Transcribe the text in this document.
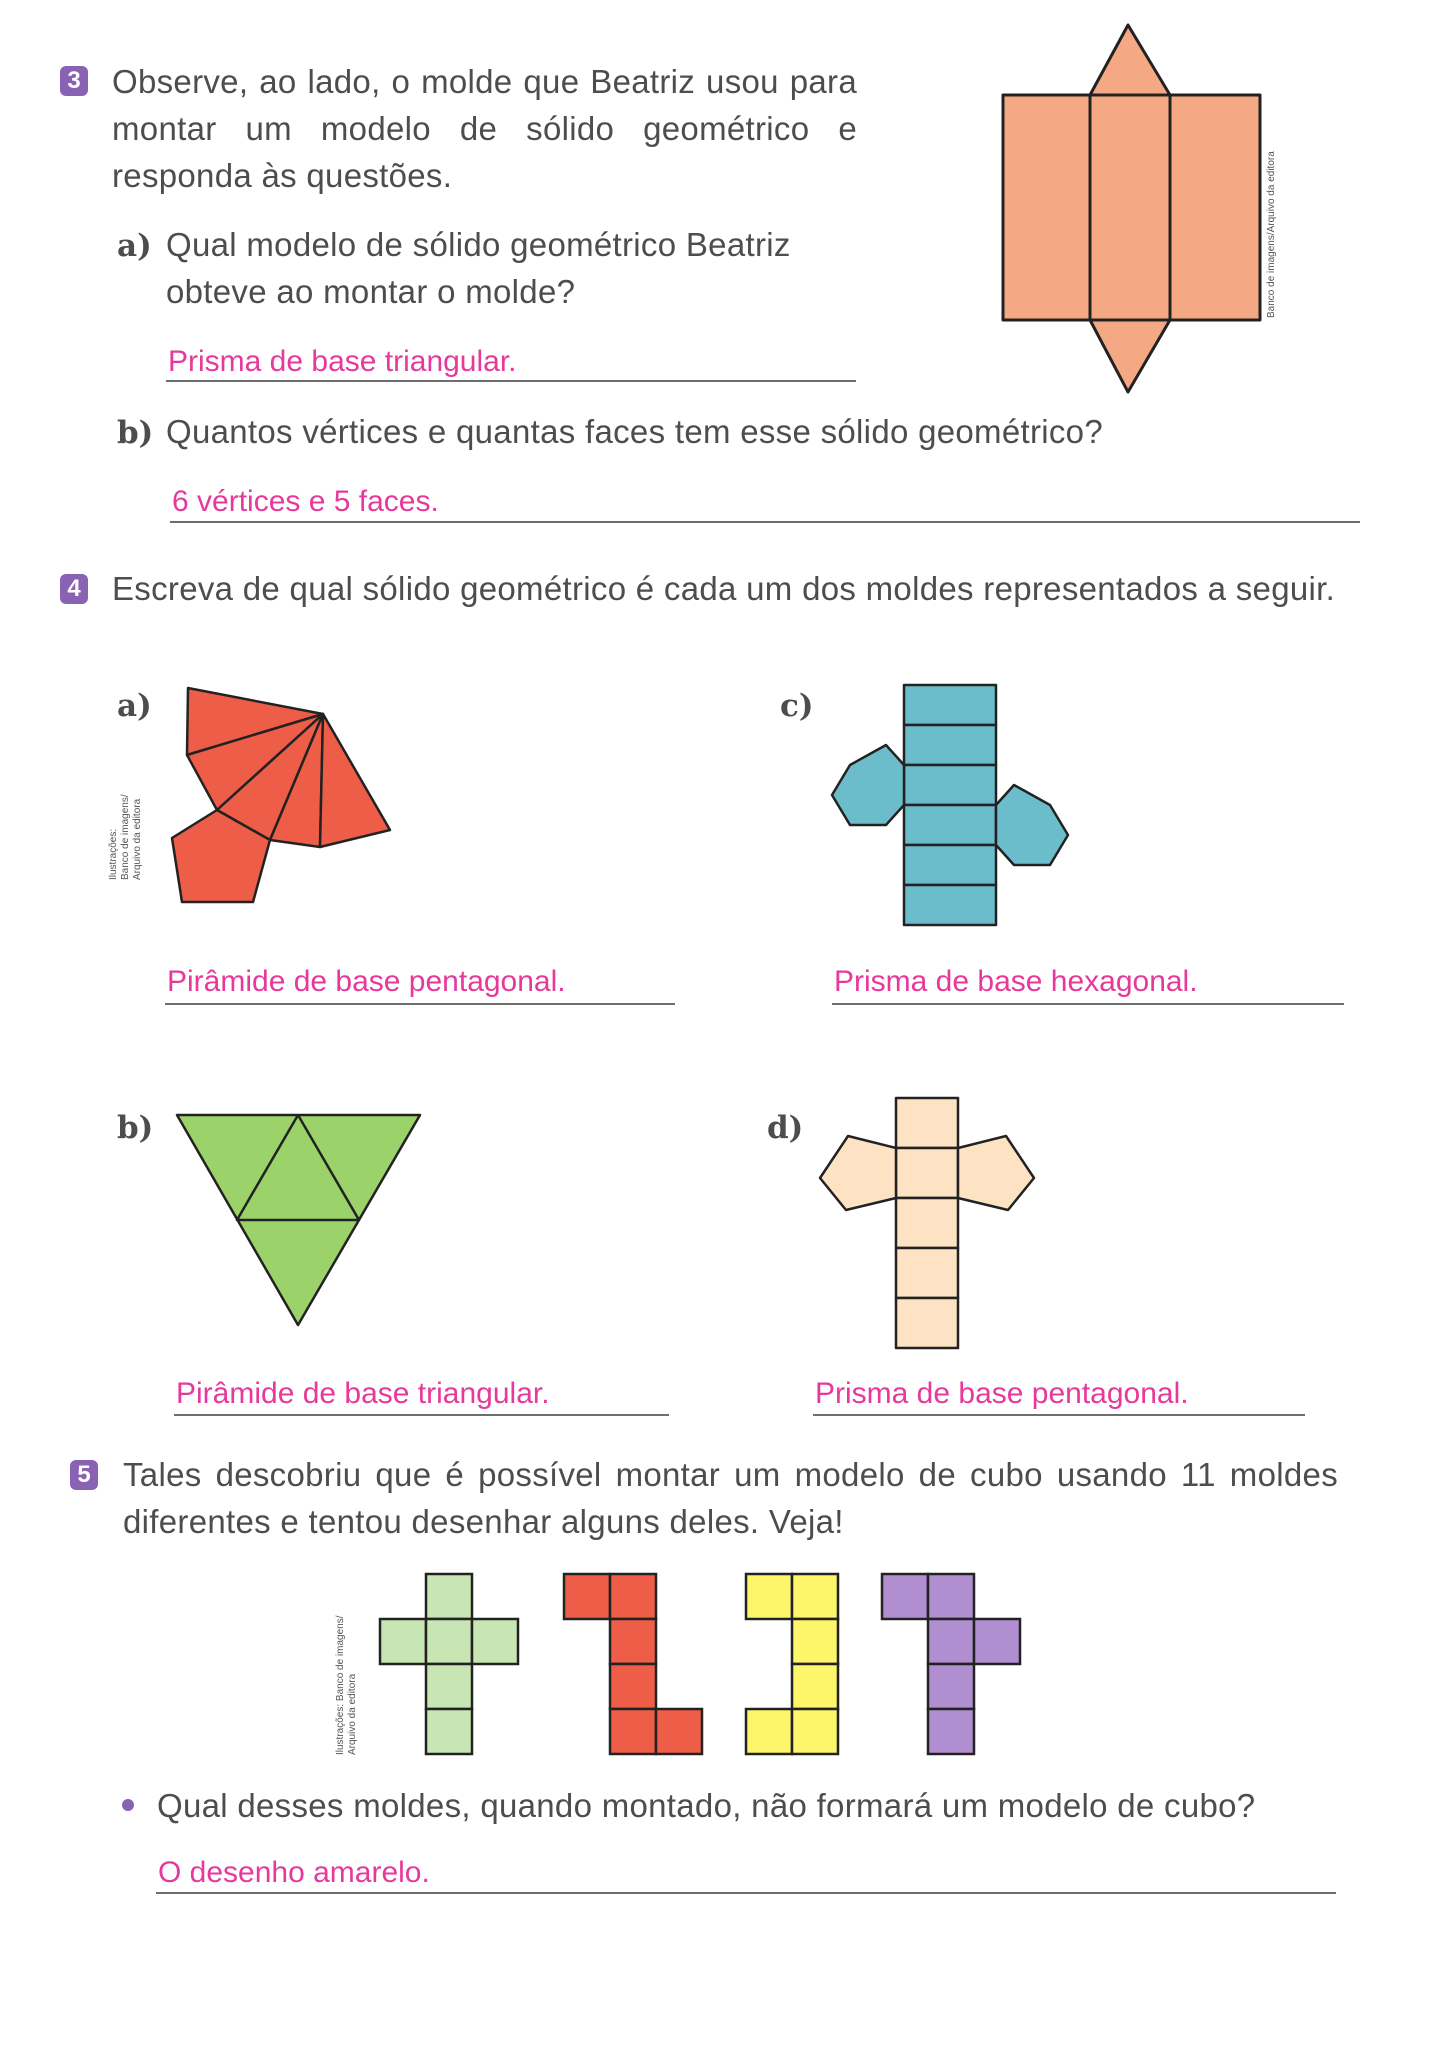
3 Observe, ao lado, o molde que Beatriz usou para montar um modelo de sólido geométrico e responda às questões.
a) Qual modelo de sólido geométrico Beatriz obteve ao montar o molde?
Prisma de base triangular.
b) Quantos vértices e quantas faces tem esse sólido geométrico?
6 vértices e 5 faces.
Banco de imagens/Arquivo da editora
4 Escreva de qual sólido geométrico é cada um dos moldes representados a seguir.
a)
Ilustrações: Banco de imagens/ Arquivo da editora
Pirâmide de base pentagonal.
c)
Prisma de base hexagonal.
b)
Pirâmide de base triangular.
d)
Prisma de base pentagonal.
5 Tales descobriu que é possível montar um modelo de cubo usando 11 moldes diferentes e tentou desenhar alguns deles. Veja!
Ilustrações: Banco de imagens/ Arquivo da editora
Qual desses moldes, quando montado, não formará um modelo de cubo?
O desenho amarelo.
